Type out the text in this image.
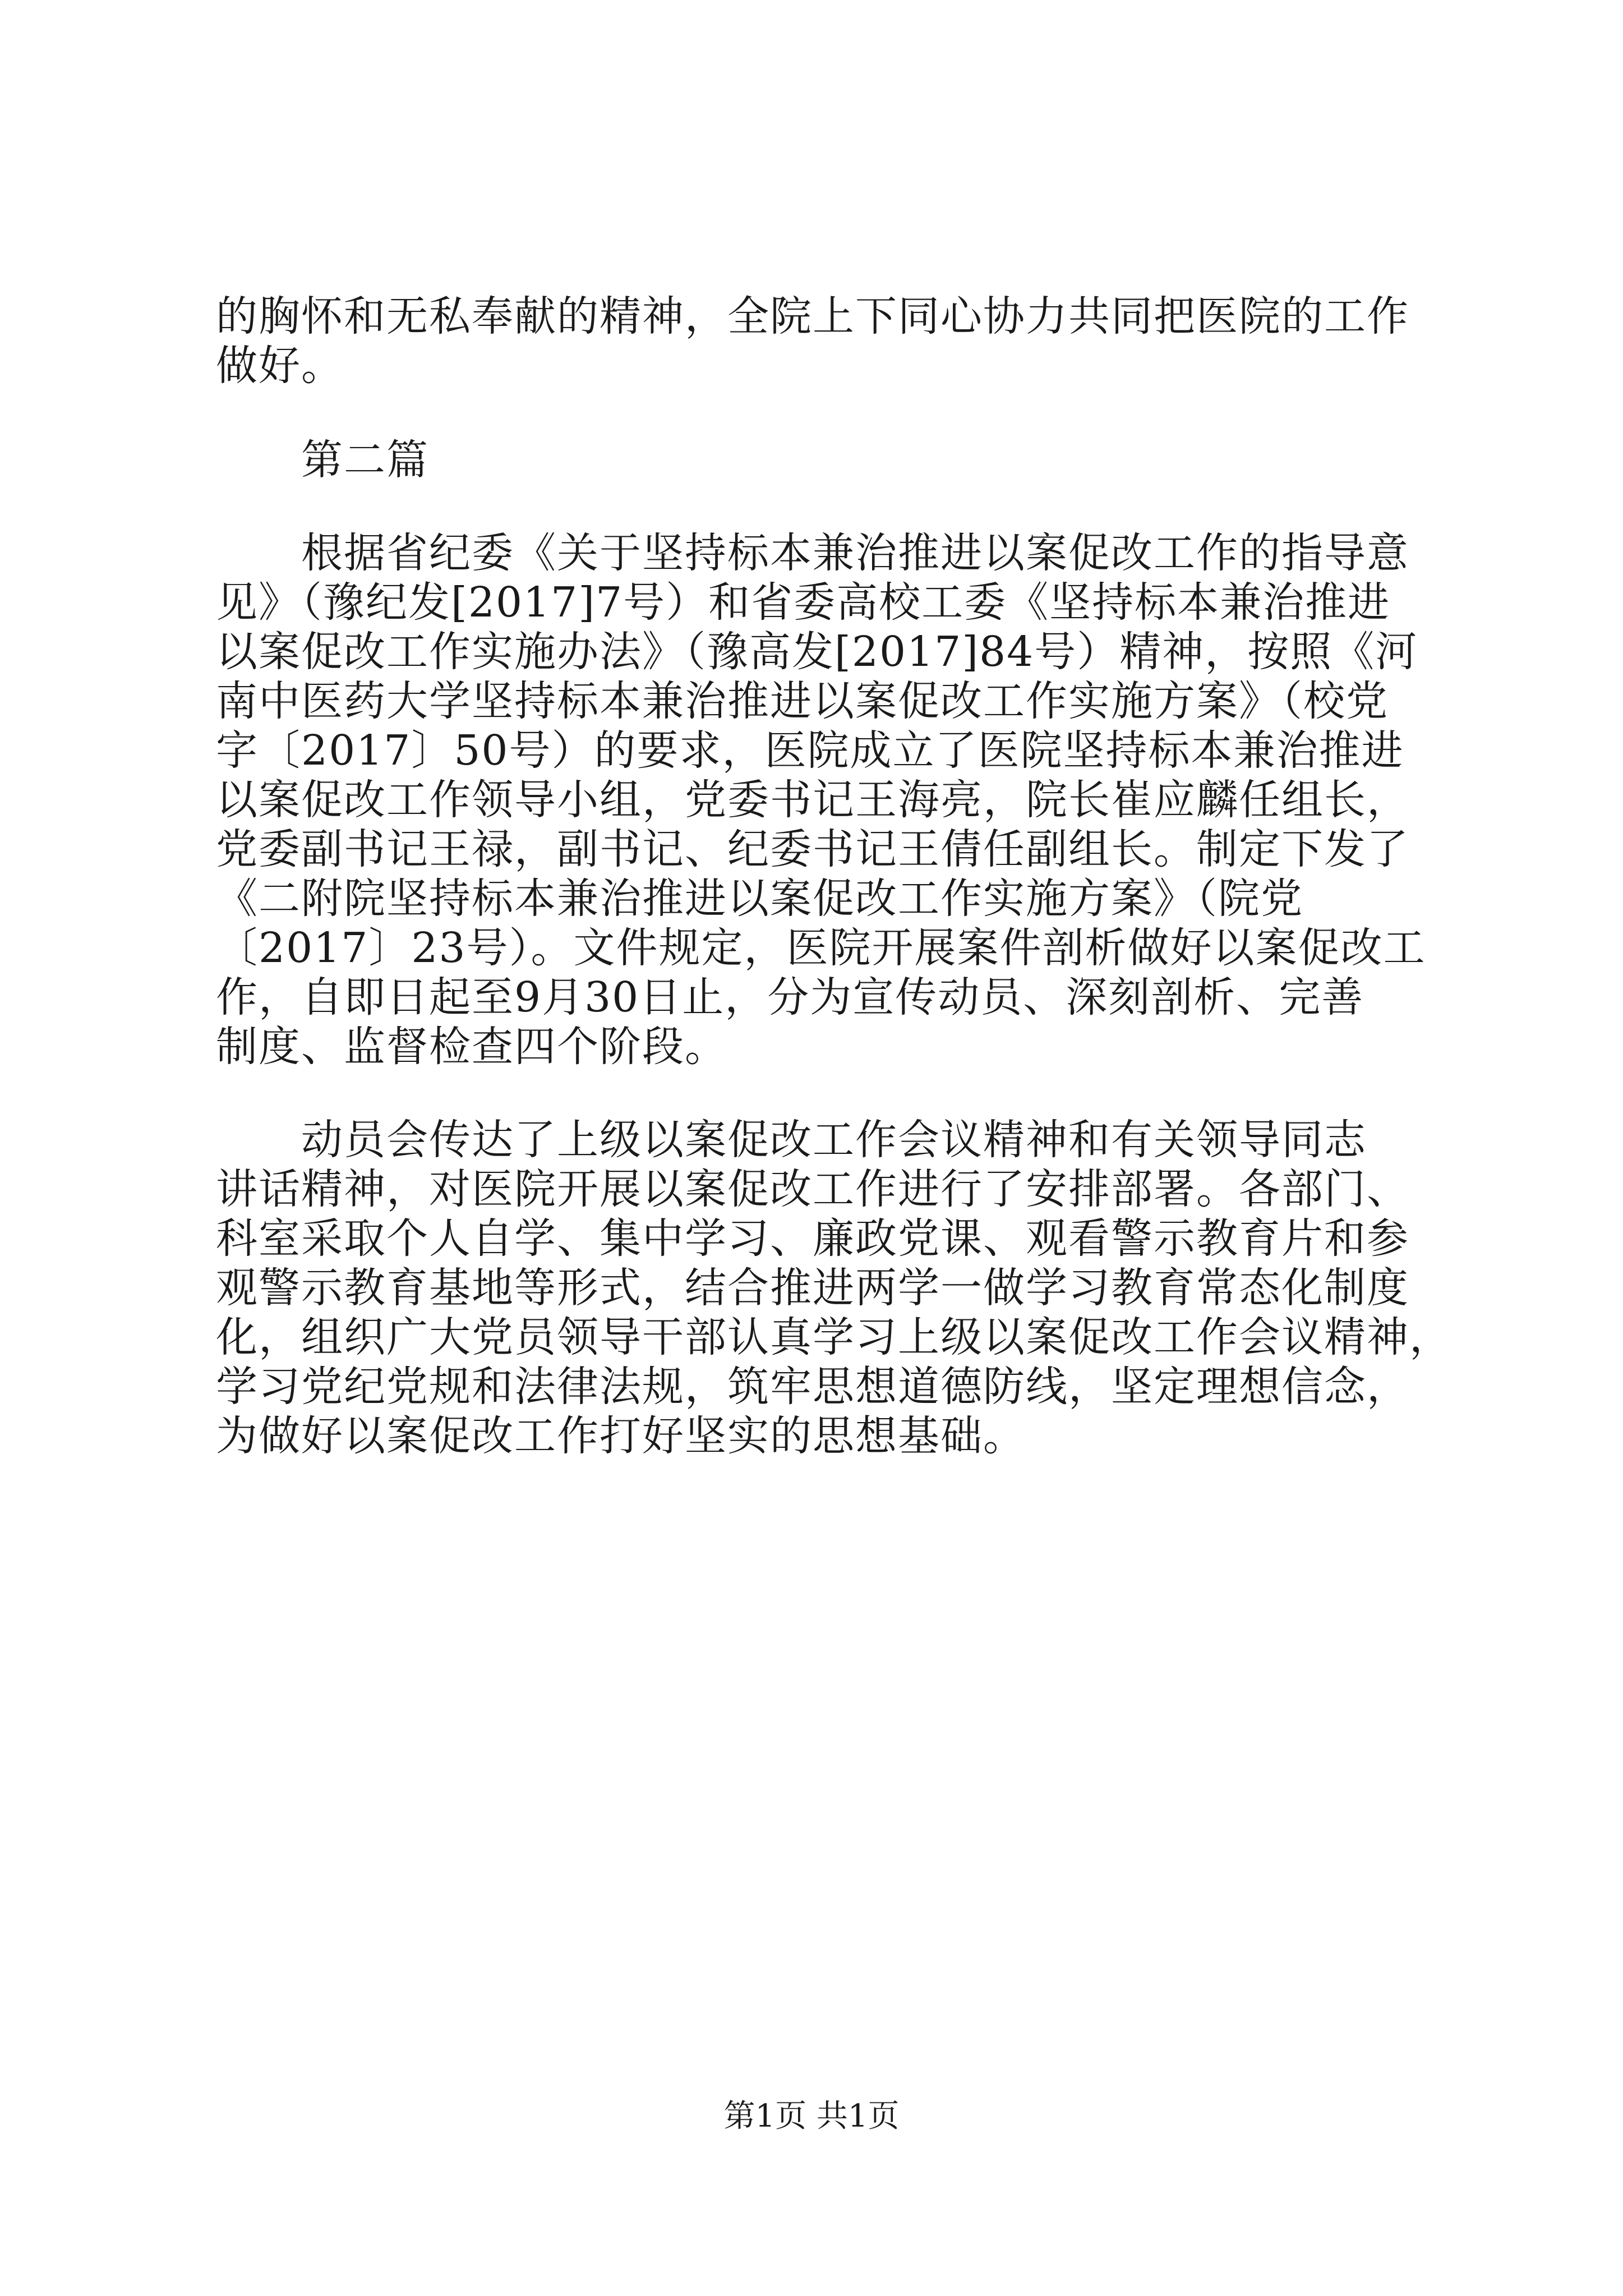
的胸怀和无私奉献的精神，全院上下同心协力共同把医院的工作
做好。
　　第二篇
　　根据省纪委《关于坚持标本兼治推进以案促改工作的指导意
见》（豫纪发[2017]7号）和省委高校工委《坚持标本兼治推进
以案促改工作实施办法》（豫高发[2017]84号）精神，按照《河
南中医药大学坚持标本兼治推进以案促改工作实施方案》（校党
字〔2017〕50号）的要求，医院成立了医院坚持标本兼治推进
以案促改工作领导小组，党委书记王海亮，院长崔应麟任组长，
党委副书记王禄，副书记、纪委书记王倩任副组长。制定下发了
《二附院坚持标本兼治推进以案促改工作实施方案》（院党
〔2017〕23号）。文件规定，医院开展案件剖析做好以案促改工
作，自即日起至9月30日止，分为宣传动员、深刻剖析、完善
制度、监督检查四个阶段。
　　动员会传达了上级以案促改工作会议精神和有关领导同志
讲话精神，对医院开展以案促改工作进行了安排部署。各部门、
科室采取个人自学、集中学习、廉政党课、观看警示教育片和参
观警示教育基地等形式，结合推进两学一做学习教育常态化制度
化，组织广大党员领导干部认真学习上级以案促改工作会议精神，
学习党纪党规和法律法规，筑牢思想道德防线，坚定理想信念，
为做好以案促改工作打好坚实的思想基础。
第1页 共1页
